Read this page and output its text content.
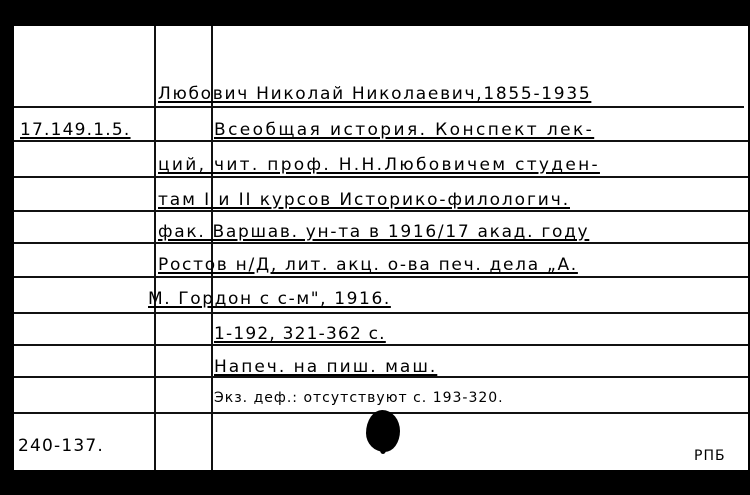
Любович Николай Николаевич,1855-1935
17.149.1.5.	Всеобщая история. Конспект лек-
ций, чит. проф. Н.Н.Любовичем студен-
там I и II курсов Историко-филологич.
фак. Варшав. ун-та в 1916/17 акад. году
Ростов н/Д, лит. акц. о-ва печ. дела „А.
М. Гордон с с-м", 1916.
1-192, 321-362 с.
Напеч. на пиш. маш.
Экз. деф.: отсутствуют с. 193-320.
240-137.	РПБ
